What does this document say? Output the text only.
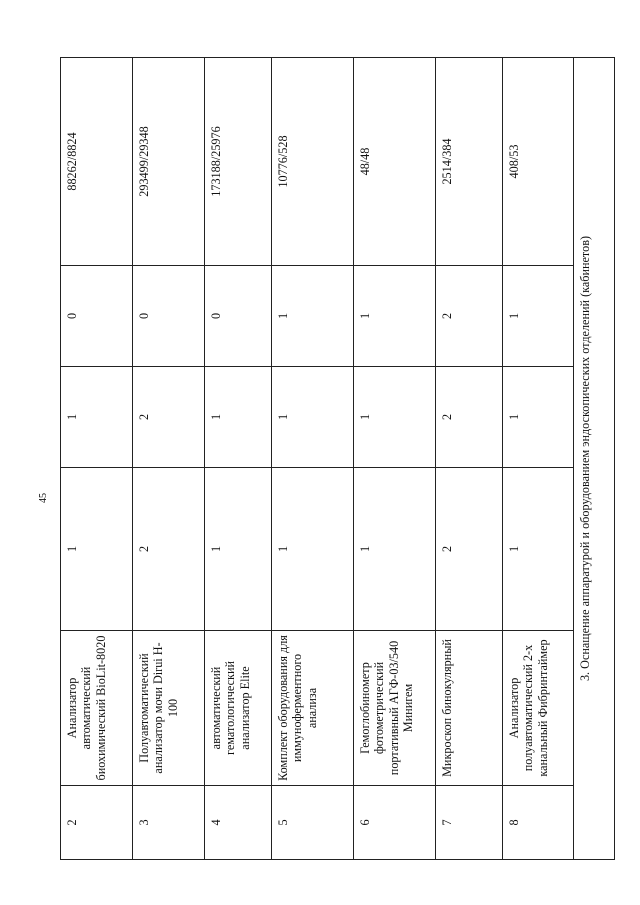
45
2	Анализатор автоматический биохимический BioLit-8020	1	1	0	88262/8824
3	Полуавтоматический анализатор мочи Dirui H-100	2	2	0	293499/29348
4	автоматический гематологический анализатор Elite	1	1	0	173188/25976
5	Комплект оборудования для иммуноферментного анализа	1	1	1	10776/528
6	Гемоглобинометр фотометрический портативный АГФ-03/540 Минигем	1	1	1	48/48
7	Микроскоп бинокулярный	2	2	2	2514/384
8	Анализатор полуавтоматический 2-х канальный Фибринтаймер	1	1	1	408/53
3. Оснащение аппаратурой и оборудованием эндоскопических отделений (кабинетов)					
